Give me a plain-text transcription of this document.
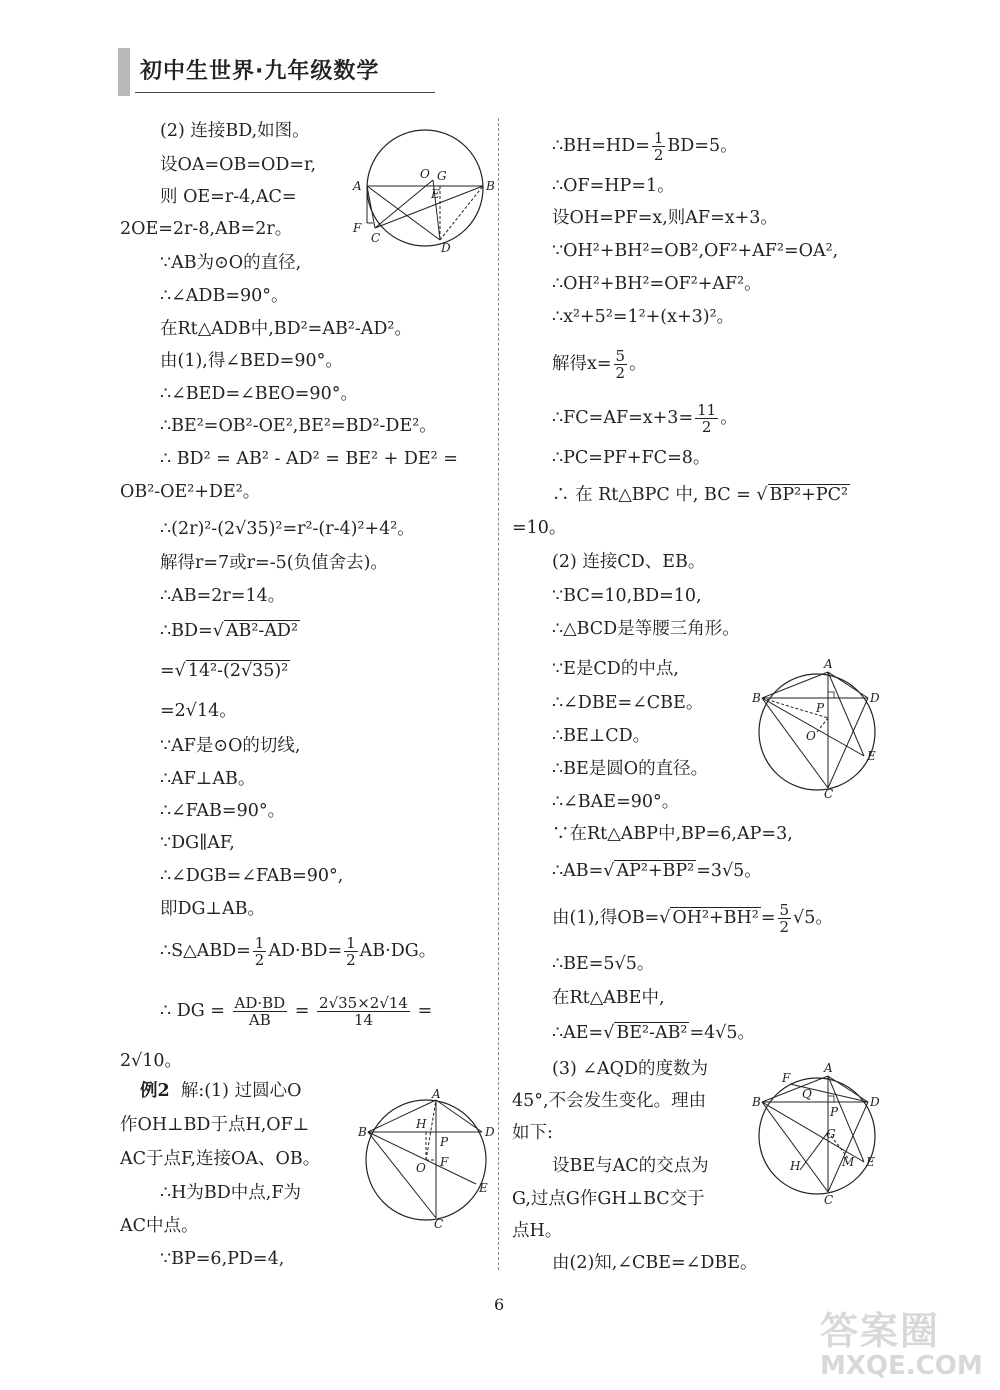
初中生世界·九年级数学
(2) 连接BD,如图。
设OA=OB=OD=r,
则 OE=r-4,AC=
2OE=2r-8,AB=2r。
∵AB为⊙O的直径,
∴∠ADB=90°。
在Rt△ADB中,BD²=AB²-AD²。
由(1),得∠BED=90°。
∴∠BED=∠BEO=90°。
∴BE²=OB²-OE²,BE²=BD²-DE²。
∴ BD² = AB² - AD² = BE² + DE² =
OB²-OE²+DE²。
∴(2r)²-(2√35)²=r²-(r-4)²+4²。
解得r=7或r=-5(负值舍去)。
∴AB=2r=14。
∴BD=√ AB²-AD²
=√ 14²-(2√35)²
=2√14。
∵AF是⊙O的切线,
∴AF⊥AB。
∴∠FAB=90°。
∵DG∥AF,
∴∠DGB=∠FAB=90°,
即DG⊥AB。
∴S△ABD= $\frac{1}{2} AD\cdot BD= \frac{1}{2} AB\cdot DG$。
∴ DG = $\frac{AD\cdot BD}{AB} = \frac{2√35\times 2√14}{14}$ =
2√10。
例2 解:(1) 过圆心O
作OH⊥BD于点H,OF⊥
AC于点F,连接OA、OB。
∴H为BD中点,F为
AC中点。
∵BP=6,PD=4,
A	B
O G
E
F
C
D
A
B	D
H
P
O F
E
C
∴BH=HD= $\frac{1}{2} BD=5$。
∴OF=HP=1。
设OH=PF=x,则AF=x+3。
∵OH²+BH²=OB²,OF²+AF²=OA²,
∴OH²+BH²=OF²+AF²。
∴x²+5²=1²+(x+3)²。
解得$x= \frac{5}{2}$ 。
∴FC=AF=x+3= $\frac{11}{2}$ 。
∴PC=PF+FC=8。
∴ 在 Rt△BPC 中, BC = √ BP²+PC²
=10。
(2) 连接CD、EB。
∵BC=10,BD=10,
∴△BCD是等腰三角形。
∵E是CD的中点,
∴∠DBE=∠CBE。
∴BE⊥CD。
∴BE是圆O的直径。
∴∠BAE=90°。
∵在Rt△ABP中,BP=6,AP=3,
∴AB=√ AP²+BP² =3√5。
由(1),得OB=√ $OH^2+BH^2 = \frac{5}{2} √5$。
∴BE=5√5。
在Rt△ABE中,
∴AE=√ BE²-AB² =4√5。
(3) ∠AQD的度数为
45°,不会发生变化。理由
如下:
设BE与AC的交点为
G,过点G作GH⊥BC交于
点H。
由(2)知,∠CBE=∠DBE。
A
B	D
P
O
E
C
A
F
Q
B	D
P
G
H	M E
C
6
答案圈
MXQE.COM
